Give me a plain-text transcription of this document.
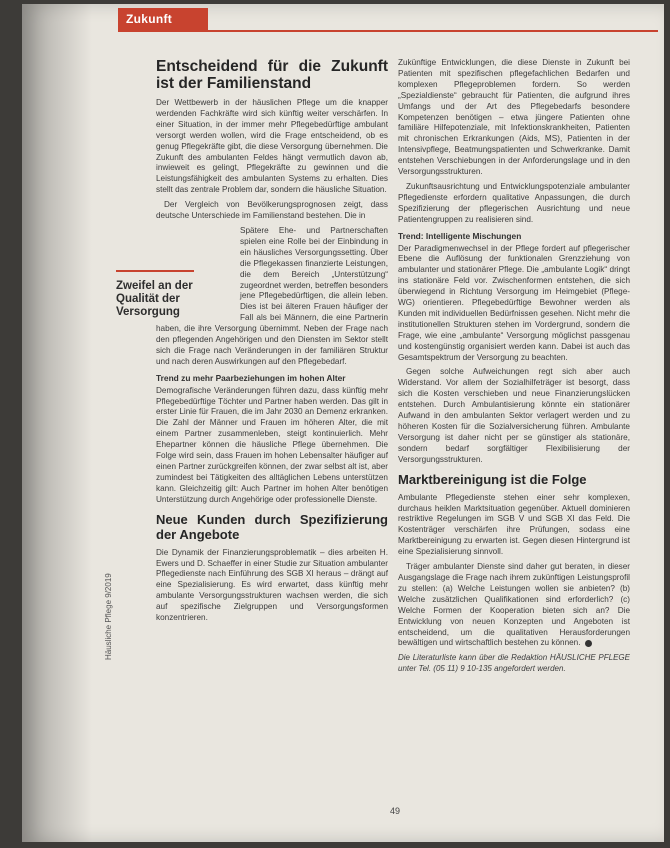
Zukunft
Zweifel an der Qualität der Versorgung
Häusliche Pflege 9/2019
Entscheidend für die Zukunft ist der Familienstand

Der Wettbewerb in der häuslichen Pflege um die knapper werdenden Fachkräfte wird sich künftig weiter verschärfen. In einer Situation, in der immer mehr Pflegebedürftige ambulant versorgt werden wollen, wird die Frage entscheidend, ob es genug Pflegekräfte gibt, die diese Versorgung übernehmen. Die Zukunft des ambulanten Feldes hängt vermutlich davon ab, inwieweit es gelingt, Pflegekräfte zu gewinnen und die Leistungsfähigkeit des ambulanten Systems zu erhalten. Dies stellt das zentrale Problem dar, sondern die häusliche Situation.

Der Vergleich von Bevölkerungsprognosen zeigt, dass deutsche Unterschiede im Familienstand bestehen. Die in

Spätere Ehe- und Partnerschaften spielen eine Rolle bei der Einbindung in ein häusliches Versorgungssetting. Über die Pflegekassen finanzierte Leistungen, die dem Bereich „Unterstützung“ zugeordnet werden, betreffen besonders jene Pflegebedürftigen, die allein leben. Dies ist bei älteren Frauen häufiger der Fall als bei Männern, die eine Partnerin haben, die ihre Versorgung übernimmt. Neben der Frage nach den pflegenden Angehörigen und den Diensten im Sektor stellt sich die Frage nach Veränderungen in der familiären Struktur und nach deren Auswirkungen auf den Pflegebedarf.

Trend zu mehr Paarbeziehungen im hohen Alter

Demografische Veränderungen führen dazu, dass künftig mehr Pflegebedürftige Töchter und Partner haben werden. Das gilt in erster Linie für Frauen, die im Jahr 2030 an Demenz erkranken. Die Zahl der Männer und Frauen im höheren Alter, die mit einem Partner zusammenleben, steigt kontinuierlich. Mehr Ehepartner können die häusliche Pflege übernehmen. Die Folge wird sein, dass Frauen im hohen Lebensalter häufiger auf einen Partner zurückgreifen können, der zwar selbst alt ist, aber zumindest bei Tätigkeiten des alltäglichen Lebens unterstützen kann. Gleichzeitig gilt: Auch Partner im hohen Alter benötigen Unterstützung durch Angehörige oder professionelle Dienste.

Neue Kunden durch Spezifizierung der Angebote

Die Dynamik der Finanzierungsproblematik – dies arbeiten H. Ewers und D. Schaeffer in einer Studie zur Situation ambulanter Pflegedienste nach Einführung des SGB XI heraus – drängt auf eine Spezialisierung. Es wird erwartet, dass künftig mehr ambulante Versorgungsstrukturen wachsen werden, die sich auf spezifische Zielgruppen und Versorgungsformen konzentrieren.

Zukünftige Entwicklungen, die diese Dienste in Zukunft bei Patienten mit spezifischen pflegefachlichen Bedarfen und komplexen Pflegeproblemen fordern. So werden „Spezialdienste“ gebraucht für Patienten, die aufgrund ihres Umfangs und der Art des Pflegebedarfs besondere Kompetenzen benötigen – etwa jüngere Patienten ohne familiäre Hilfepotenziale, mit Infektionskrankheiten, Patienten mit chronischen Erkrankungen (Aids, MS), Patienten in der Intensivpflege, Beatmungspatienten und Schwerkranke. Damit entstehen Verschiebungen in der Anforderungslage und in den Versorgungsstrukturen.

Zukunftsausrichtung und Entwicklungspotenziale ambulanter Pflegedienste erfordern qualitative Anpassungen, die durch Spezifizierung der pflegerischen Ausrichtung und neue Patientengruppen zu realisieren sind.

Trend: Intelligente Mischungen

Der Paradigmenwechsel in der Pflege fordert auf pflegerischer Ebene die Auflösung der funktionalen Grenzziehung von ambulanter und stationärer Pflege. Die „ambulante Logik“ dringt ins stationäre Feld vor. Zwischenformen entstehen, die sich überwiegend in Richtung Versorgung im Heimgebiet (Pflege-WG) orientieren. Pflegebedürftige Bewohner werden als Kunden mit individuellen Bedürfnissen gesehen. Nicht mehr die institutionellen Strukturen stehen im Vordergrund, sondern die Frage, wie eine „ambulante“ Versorgung möglichst passgenau und kostengünstig organisiert werden kann. Dabei ist auch das Gesamtspektrum der Versorgung zu beachten.

Gegen solche Aufweichungen regt sich aber auch Widerstand. Vor allem der Sozialhilfeträger ist besorgt, dass sich die Kosten verschieben und neue Finanzierungslücken entstehen. Durch Ambulantisierung könnte ein stationärer Aufwand in den ambulanten Sektor verlagert werden und zu höheren Kosten für die Sozialversicherung führen. Ambulante Versorgung ist daher nicht per se günstiger als stationäre, sondern bedarf sorgfältiger Flexibilisierung der Versorgungsstrukturen.

Marktbereinigung ist die Folge

Ambulante Pflegedienste stehen einer sehr komplexen, durchaus heiklen Marktsituation gegenüber. Aktuell dominieren restriktive Regelungen im SGB V und SGB XI das Feld. Die Kostenträger verschärfen ihre Prüfungen, sodass eine Marktbereinigung zu erwarten ist. Gegen diesen Hintergrund ist eine Spezialisierung sinnvoll.

Träger ambulanter Dienste sind daher gut beraten, in dieser Ausgangslage die Frage nach ihrem zukünftigen Leistungsprofil zu stellen: (a) Welche Leistungen wollen sie anbieten? (b) Welche zusätzlichen Qualifikationen sind erforderlich? (c) Welche Formen der Kooperation bieten sich an? Die Entwicklung von neuen Konzepten und Angeboten ist entscheidend, um die qualitativen Herausforderungen bewältigen und wirtschaftlich bestehen zu können.

Die Literaturliste kann über die Redaktion HÄUSLICHE PFLEGE unter Tel. (05 11) 9 10-135 angefordert werden.
49
